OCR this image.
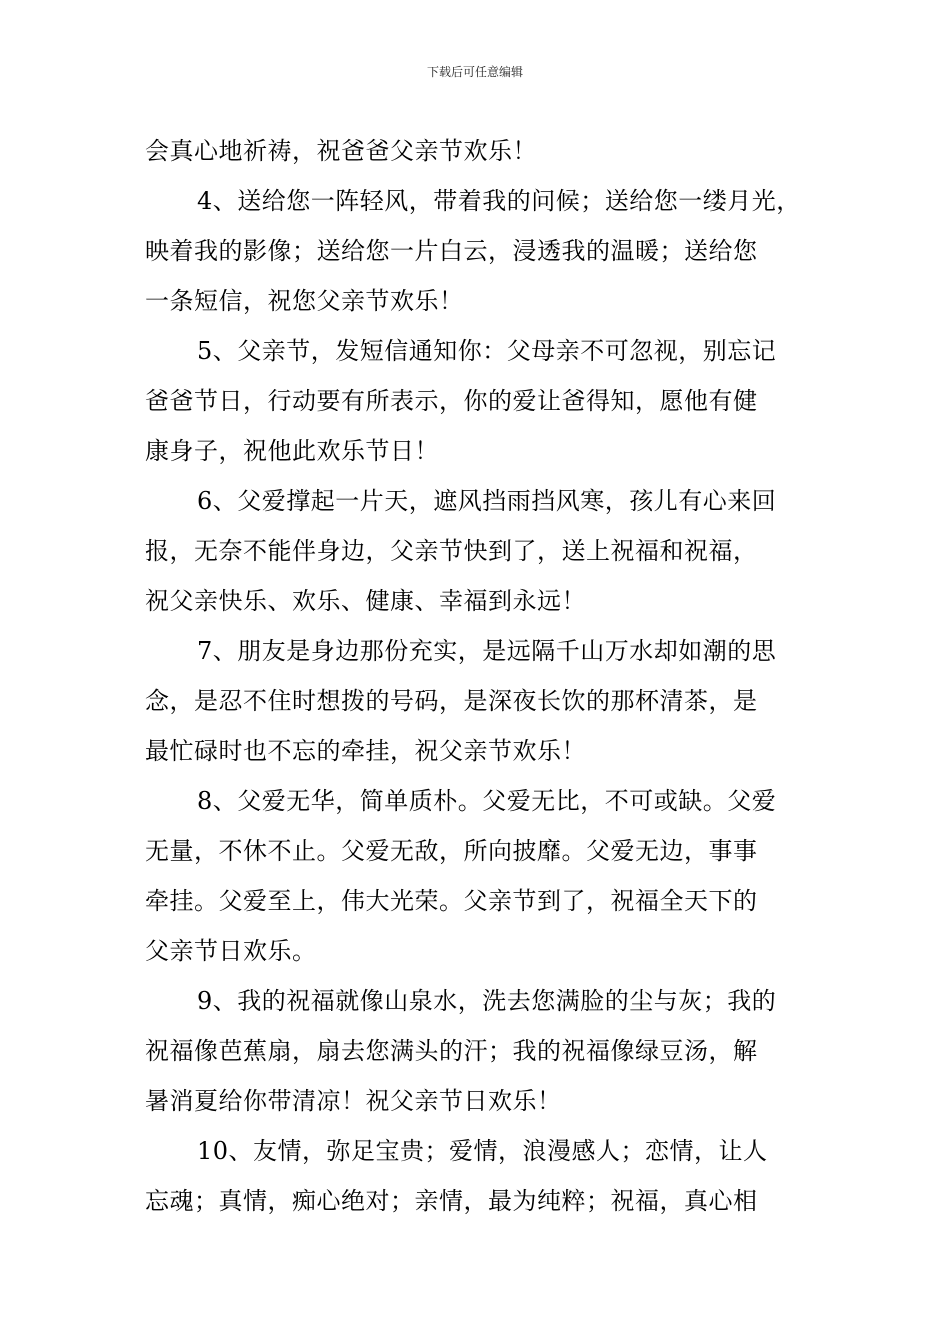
下载后可任意编辑
会真心地祈祷，祝爸爸父亲节欢乐！
4、送给您一阵轻风，带着我的问候；送给您一缕月光，
映着我的影像；送给您一片白云，浸透我的温暖；送给您
一条短信，祝您父亲节欢乐！
5、父亲节，发短信通知你：父母亲不可忽视，别忘记
爸爸节日，行动要有所表示，你的爱让爸得知，愿他有健
康身子，祝他此欢乐节日！
6、父爱撑起一片天，遮风挡雨挡风寒，孩儿有心来回
报，无奈不能伴身边，父亲节快到了，送上祝福和祝福，
祝父亲快乐、欢乐、健康、幸福到永远！
7、朋友是身边那份充实，是远隔千山万水却如潮的思
念，是忍不住时想拨的号码，是深夜长饮的那杯清茶，是
最忙碌时也不忘的牵挂，祝父亲节欢乐！
8、父爱无华，简单质朴。父爱无比，不可或缺。父爱
无量，不休不止。父爱无敌，所向披靡。父爱无边，事事
牵挂。父爱至上，伟大光荣。父亲节到了，祝福全天下的
父亲节日欢乐。
9、我的祝福就像山泉水，洗去您满脸的尘与灰；我的
祝福像芭蕉扇，扇去您满头的汗；我的祝福像绿豆汤，解
暑消夏给你带清凉！祝父亲节日欢乐！
10、友情，弥足宝贵；爱情，浪漫感人；恋情，让人
忘魂；真情，痴心绝对；亲情，最为纯粹；祝福，真心相
